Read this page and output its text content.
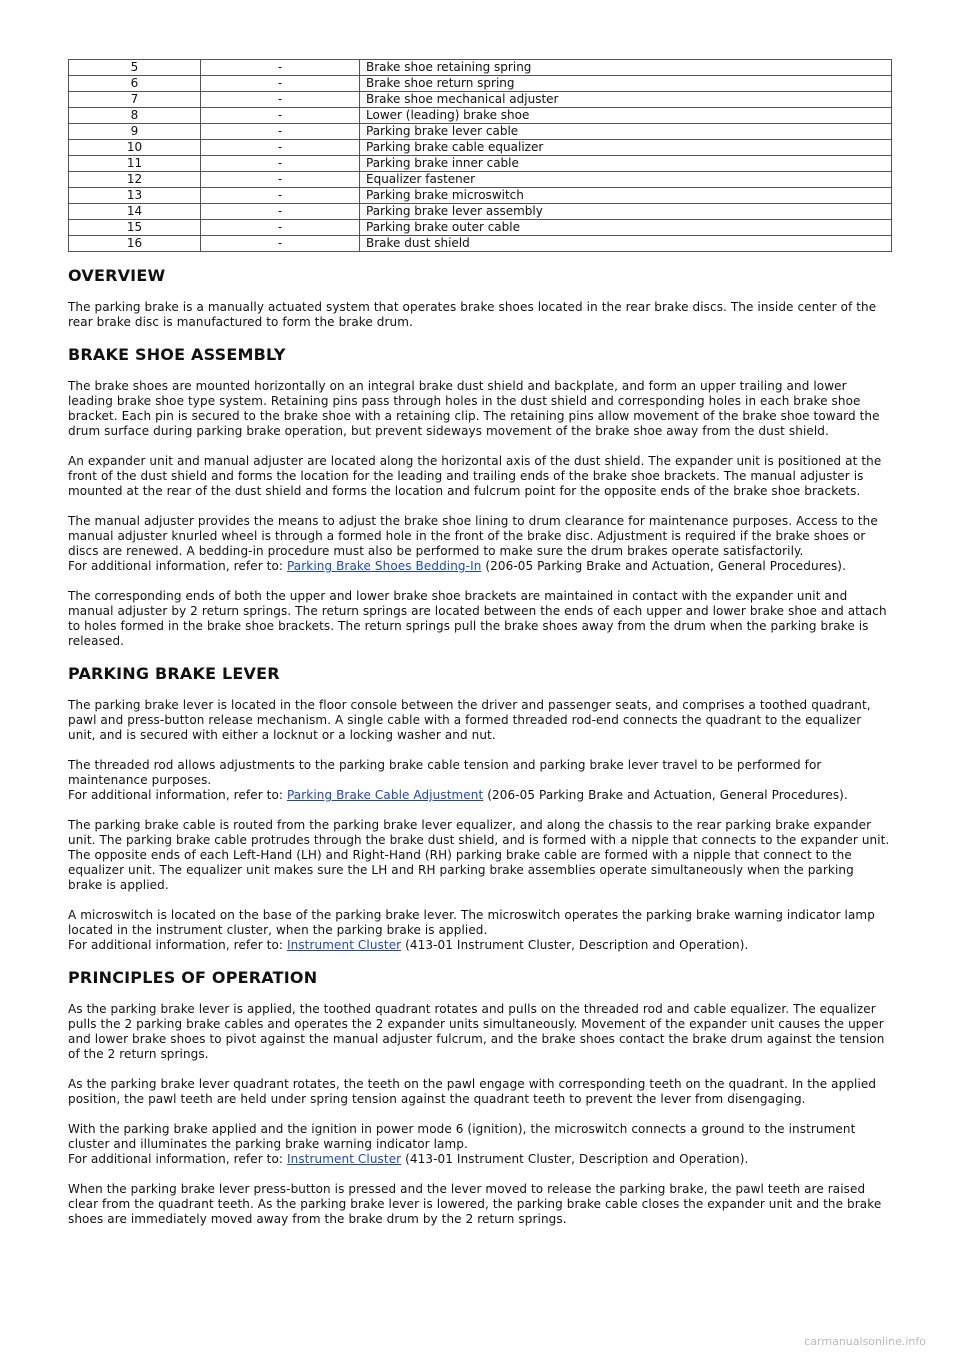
5	-	Brake shoe retaining spring
6	-	Brake shoe return spring
7	-	Brake shoe mechanical adjuster
8	-	Lower (leading) brake shoe
9	-	Parking brake lever cable
10	-	Parking brake cable equalizer
11	-	Parking brake inner cable
12	-	Equalizer fastener
13	-	Parking brake microswitch
14	-	Parking brake lever assembly
15	-	Parking brake outer cable
16	-	Brake dust shield
OVERVIEW

The parking brake is a manually actuated system that operates brake shoes located in the rear brake discs. The inside center of the rear brake disc is manufactured to form the brake drum.

BRAKE SHOE ASSEMBLY

The brake shoes are mounted horizontally on an integral brake dust shield and backplate, and form an upper trailing and lower leading brake shoe type system. Retaining pins pass through holes in the dust shield and corresponding holes in each brake shoe bracket. Each pin is secured to the brake shoe with a retaining clip. The retaining pins allow movement of the brake shoe toward the drum surface during parking brake operation, but prevent sideways movement of the brake shoe away from the dust shield.

An expander unit and manual adjuster are located along the horizontal axis of the dust shield. The expander unit is positioned at the front of the dust shield and forms the location for the leading and trailing ends of the brake shoe brackets. The manual adjuster is mounted at the rear of the dust shield and forms the location and fulcrum point for the opposite ends of the brake shoe brackets.

The manual adjuster provides the means to adjust the brake shoe lining to drum clearance for maintenance purposes. Access to the manual adjuster knurled wheel is through a formed hole in the front of the brake disc. Adjustment is required if the brake shoes or discs are renewed. A bedding-in procedure must also be performed to make sure the drum brakes operate satisfactorily.
For additional information, refer to: Parking Brake Shoes Bedding-In (206-05 Parking Brake and Actuation, General Procedures).

The corresponding ends of both the upper and lower brake shoe brackets are maintained in contact with the expander unit and manual adjuster by 2 return springs. The return springs are located between the ends of each upper and lower brake shoe and attach to holes formed in the brake shoe brackets. The return springs pull the brake shoes away from the drum when the parking brake is released.

PARKING BRAKE LEVER

The parking brake lever is located in the floor console between the driver and passenger seats, and comprises a toothed quadrant, pawl and press-button release mechanism. A single cable with a formed threaded rod-end connects the quadrant to the equalizer unit, and is secured with either a locknut or a locking washer and nut.

The threaded rod allows adjustments to the parking brake cable tension and parking brake lever travel to be performed for maintenance purposes.
For additional information, refer to: Parking Brake Cable Adjustment (206-05 Parking Brake and Actuation, General Procedures).

The parking brake cable is routed from the parking brake lever equalizer, and along the chassis to the rear parking brake expander unit. The parking brake cable protrudes through the brake dust shield, and is formed with a nipple that connects to the expander unit. The opposite ends of each Left-Hand (LH) and Right-Hand (RH) parking brake cable are formed with a nipple that connect to the equalizer unit. The equalizer unit makes sure the LH and RH parking brake assemblies operate simultaneously when the parking brake is applied.

A microswitch is located on the base of the parking brake lever. The microswitch operates the parking brake warning indicator lamp located in the instrument cluster, when the parking brake is applied.
For additional information, refer to: Instrument Cluster (413-01 Instrument Cluster, Description and Operation).

PRINCIPLES OF OPERATION

As the parking brake lever is applied, the toothed quadrant rotates and pulls on the threaded rod and cable equalizer. The equalizer pulls the 2 parking brake cables and operates the 2 expander units simultaneously. Movement of the expander unit causes the upper and lower brake shoes to pivot against the manual adjuster fulcrum, and the brake shoes contact the brake drum against the tension of the 2 return springs.

As the parking brake lever quadrant rotates, the teeth on the pawl engage with corresponding teeth on the quadrant. In the applied position, the pawl teeth are held under spring tension against the quadrant teeth to prevent the lever from disengaging.

With the parking brake applied and the ignition in power mode 6 (ignition), the microswitch connects a ground to the instrument cluster and illuminates the parking brake warning indicator lamp.
For additional information, refer to: Instrument Cluster (413-01 Instrument Cluster, Description and Operation).

When the parking brake lever press-button is pressed and the lever moved to release the parking brake, the pawl teeth are raised clear from the quadrant teeth. As the parking brake lever is lowered, the parking brake cable closes the expander unit and the brake shoes are immediately moved away from the brake drum by the 2 return springs.

carmanualsonline.info
